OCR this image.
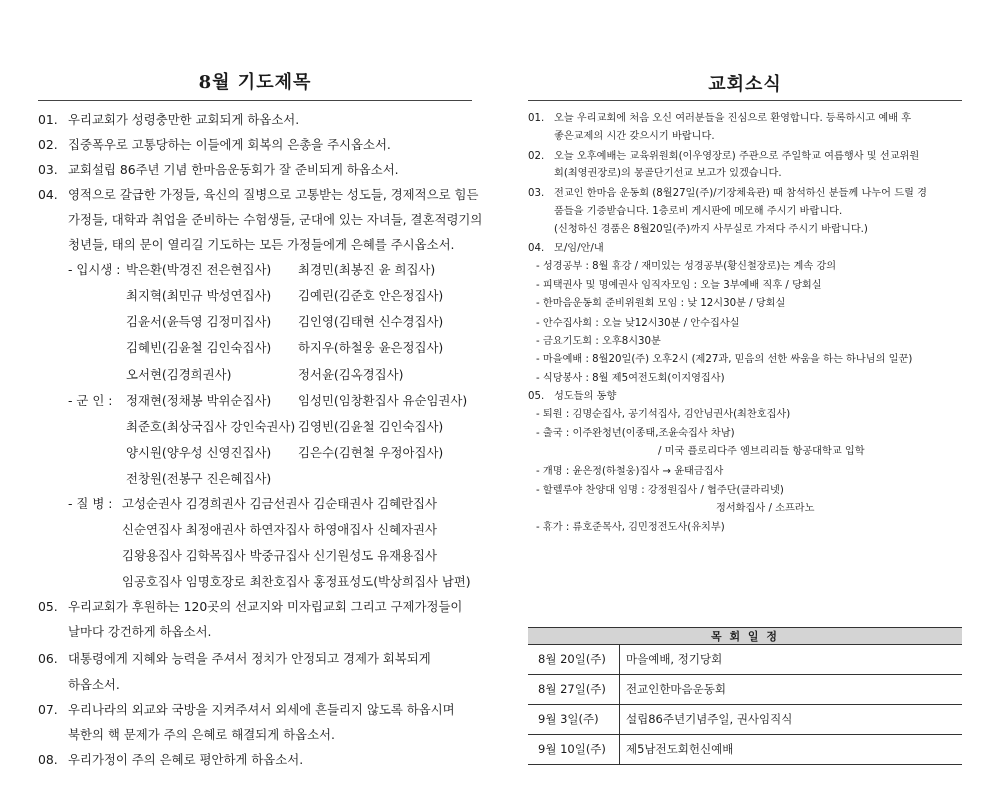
8월 기도제목
01. 우리교회가 성령충만한 교회되게 하옵소서.
02. 집중폭우로 고통당하는 이들에게 회복의 은총을 주시옵소서.
03. 교회설립 86주년 기념 한마음운동회가 잘 준비되게 하옵소서.
04. 영적으로 갈급한 가정들, 육신의 질병으로 고통받는 성도들, 경제적으로 힘든
가정들, 대학과 취업을 준비하는 수험생들, 군대에 있는 자녀들, 결혼적령기의
청년들, 태의 문이 열리길 기도하는 모든 가정들에게 은혜를 주시옵소서.
- 입시생 : 박은환(박경진 전은현집사) 최경민(최봉진 윤 희집사)
최지혁(최민규 박성연집사) 김예린(김준호 안은정집사)
김윤서(윤득영 김정미집사) 김인영(김태현 신수경집사)
김혜빈(김윤철 김인숙집사) 하지우(하철웅 윤은정집사)
오서현(김경희권사)	정서윤(김옥경집사)
- 군 인 : 정재현(정채봉 박위순집사) 임성민(임창환집사 유순임권사)
최준호(최상국집사 강인숙권사) 김영빈(김윤철 김인숙집사)
양시원(양우성 신영진집사) 김은수(김현철 우정아집사)
전창원(전봉구 진은혜집사)
- 질 병 : 고성순권사 김경희권사 김금선권사 김순태권사 김혜란집사
신순연집사 최정애권사 하연자집사 하영애집사 신혜자권사
김왕용집사 김학목집사 박중규집사 신기원성도 유재용집사
임공호집사 임명호장로 최찬호집사 홍정표성도(박상희집사 남편)
05. 우리교회가 후원하는 120곳의 선교지와 미자립교회 그리고 구제가정들이
날마다 강건하게 하옵소서.
06. 대통령에게 지혜와 능력을 주셔서 정치가 안정되고 경제가 회복되게
하옵소서.
07. 우리나라의 외교와 국방을 지켜주셔서 외세에 흔들리지 않도록 하옵시며
북한의 핵 문제가 주의 은혜로 해결되게 하옵소서.
08. 우리가정이 주의 은혜로 평안하게 하옵소서.
교회소식
01. 오늘 우리교회에 처음 오신 여러분들을 진심으로 환영합니다. 등록하시고 예배 후
좋은교제의 시간 갖으시기 바랍니다.
02. 오늘 오후예배는 교육위원회(이우영장로) 주관으로 주일학교 여름행사 및 선교위원
회(최영권장로)의 몽골단기선교 보고가 있겠습니다.
03. 전교인 한마음 운동회 (8월27일(주)/기장체육관) 때 참석하신 분들께 나누어 드릴 경
품들을 기증받습니다. 1층로비 게시판에 메모해 주시기 바랍니다.
(신청하신 경품은 8월20일(주)까지 사무실로 가져다 주시기 바랍니다.)
04. 모/임/안/내
- 성경공부 : 8월 휴강 / 재미있는 성경공부(황신철장로)는 계속 강의
- 피택권사 및 명예권사 임직자모임 : 오늘 3부예배 직후 / 당회실
- 한마음운동회 준비위원회 모임 : 낮 12시30분 / 당회실
- 안수집사회 : 오늘 낮12시30분 / 안수집사실
- 금요기도회 : 오후8시30분
- 마을예배 : 8월20일(주) 오후2시 (제27과, 믿음의 선한 싸움을 하는 하나님의 일꾼)
- 식당봉사 : 8월 제5여전도회(이지영집사)
05. 성도들의 동향
- 퇴원 : 김명순집사, 공기석집사, 김안님권사(최찬호집사)
- 출국 : 이주완청년(이종태,조윤숙집사 차남)
/ 미국 플로리다주 엠브리리들 항공대학교 입학
- 개명 : 윤은정(하철웅)집사 → 윤태금집사
- 할렐루야 찬양대 임명 : 강정원집사 / 협주단(클라리넷)
정서화집사 / 소프라노
- 휴가 : 류호준목사, 김민정전도사(유치부)
목 회 일 정
8월 20일(주)	마을예배, 정기당회
8월 27일(주)	전교인한마음운동회
9월 3일(주)	설립86주년기념주일, 권사임직식
9월 10일(주)	제5남전도회헌신예배
